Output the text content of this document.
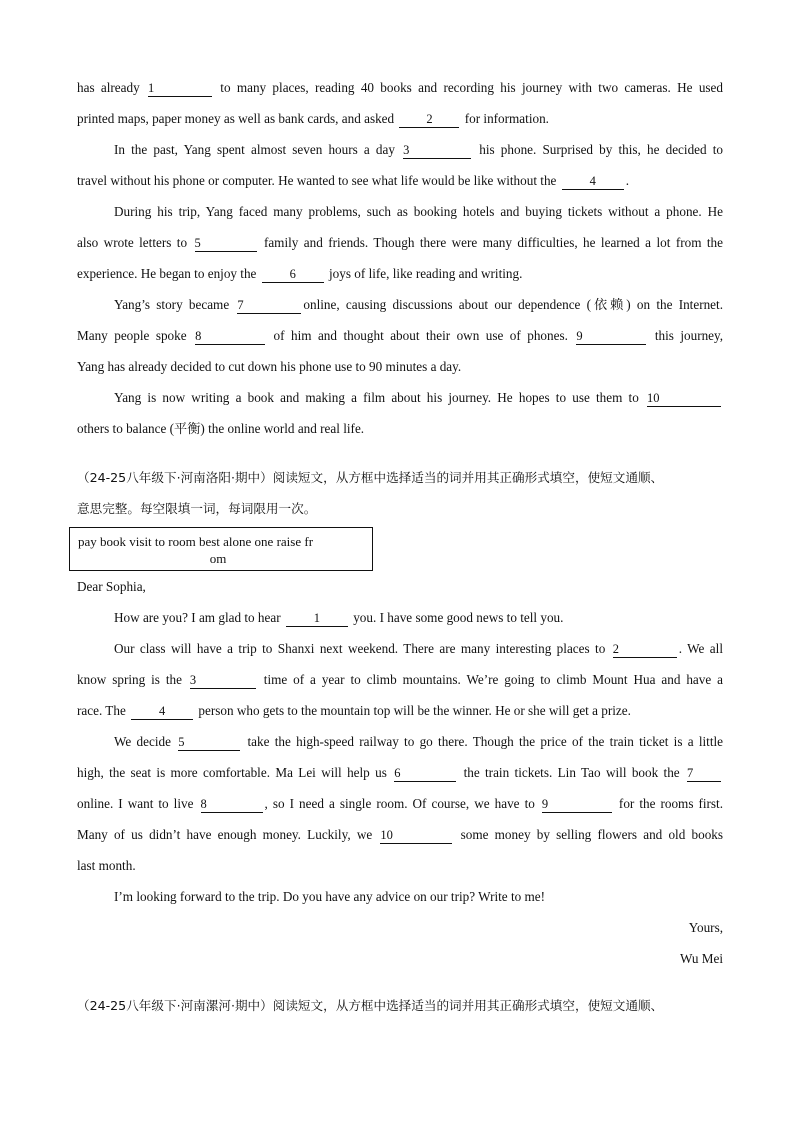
has already 1	to many places, reading 40 books and recording his journey with two cameras. He used
printed maps, paper money as well as bank cards, and asked	2 for information.
In the past, Yang spent almost seven hours a day 3	his phone. Surprised by this, he decided to
travel without his phone or computer. He wanted to see what life would be like without the	4 .
During his trip, Yang faced many problems, such as booking hotels and buying tickets without a phone. He
also wrote letters to 5	family and friends. Though there were many difficulties, he learned a lot from the
experience. He began to enjoy the	6	joys of life, like reading and writing.
Yang’s story became 7	online, causing discussions about our dependence (依赖) on the Internet.
Many people spoke 8	of him and thought about their own use of phones. 9	this journey,
Yang has already decided to cut down his phone use to 90 minutes a day.
Yang is now writing a book and making a film about his journey. He hopes to use them to 10
others to balance (平衡) the online world and real life.
（24-25八年级下·河南洛阳·期中）阅读短文，从方框中选择适当的词并用其正确形式填空，使短文通顺、
意思完整。每空限填一词，每词限用一次。
pay book visit to room best alone one raise fr
om
Dear Sophia,
How are you? I am glad to hear	1	you. I have some good news to tell you.
Our class will have a trip to Shanxi next weekend. There are many interesting places to 2	. We all
know spring is the 3	time of a year to climb mountains. We’re going to climb Mount Hua and have a
race. The	4	person who gets to the mountain top will be the winner. He or she will get a prize.
We decide 5	take the high-speed railway to go there. Though the price of the train ticket is a little
high, the seat is more comfortable. Ma Lei will help us 6	the train tickets. Lin Tao will book the 7
online. I want to live 8	, so I need a single room. Of course, we have to 9	for the rooms first.
Many of us didn’t have enough money. Luckily, we 10	some money by selling flowers and old books
last month.
I’m looking forward to the trip. Do you have any advice on our trip? Write to me!
Yours,
Wu Mei
（24-25八年级下·河南漯河·期中）阅读短文，从方框中选择适当的词并用其正确形式填空，使短文通顺、
